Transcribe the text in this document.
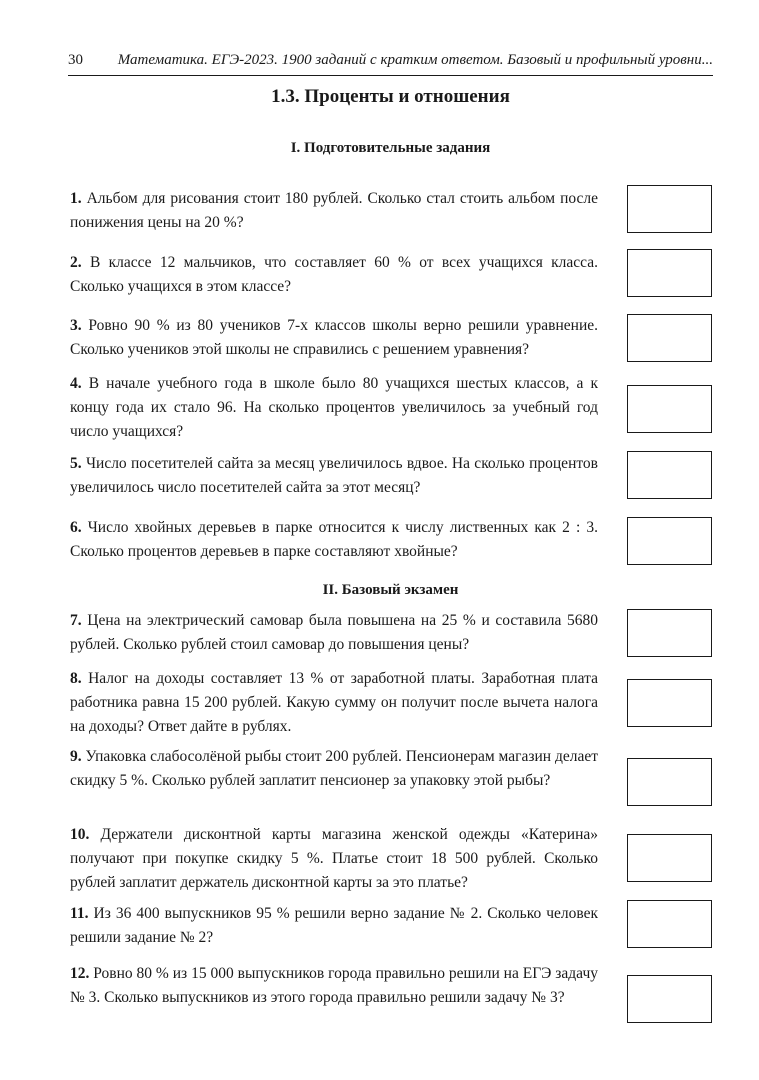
30 Математика. ЕГЭ-2023. 1900 заданий с кратким ответом. Базовый и профильный уровни...
1.3. Проценты и отношения
I. Подготовительные задания
1. Альбом для рисования стоит 180 рублей. Сколько стал стоить альбом после понижения цены на 20 %?
2. В классе 12 мальчиков, что составляет 60 % от всех учащихся класса. Сколько учащихся в этом классе?
3. Ровно 90 % из 80 учеников 7-х классов школы верно решили уравнение. Сколько учеников этой школы не справились с решением уравнения?
4. В начале учебного года в школе было 80 учащихся шестых классов, а к концу года их стало 96. На сколько процентов увеличилось за учебный год число учащихся?
5. Число посетителей сайта за месяц увеличилось вдвое. На сколько процентов увеличилось число посетителей сайта за этот месяц?
6. Число хвойных деревьев в парке относится к числу лиственных как 2 : 3. Сколько процентов деревьев в парке составляют хвойные?
II. Базовый экзамен
7. Цена на электрический самовар была повышена на 25 % и составила 5680 рублей. Сколько рублей стоил самовар до повышения цены?
8. Налог на доходы составляет 13 % от заработной платы. Заработная плата работника равна 15 200 рублей. Какую сумму он получит после вычета налога на доходы? Ответ дайте в рублях.
9. Упаковка слабосолёной рыбы стоит 200 рублей. Пенсионерам магазин делает скидку 5 %. Сколько рублей заплатит пенсионер за упаковку этой рыбы?
10. Держатели дисконтной карты магазина женской одежды «Катерина» получают при покупке скидку 5 %. Платье стоит 18 500 рублей. Сколько рублей заплатит держатель дисконтной карты за это платье?
11. Из 36 400 выпускников 95 % решили верно задание № 2. Сколько человек решили задание № 2?
12. Ровно 80 % из 15 000 выпускников города правильно решили на ЕГЭ задачу № 3. Сколько выпускников из этого города правильно решили задачу № 3?
